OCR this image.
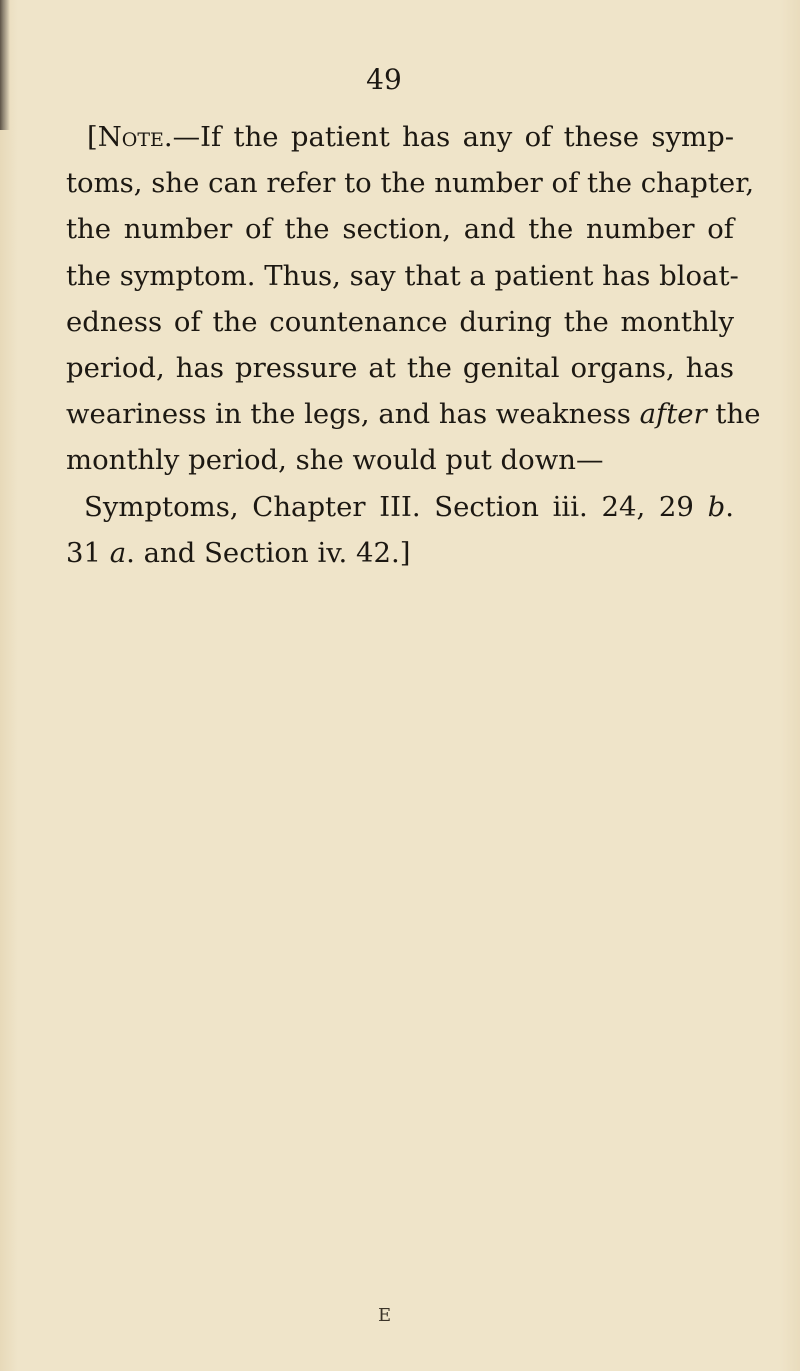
49
[Note.—If the patient has any of these symp-
toms, she can refer to the number of the chapter,
the number of the section, and the number of
the symptom. Thus, say that a patient has bloat-
edness of the countenance during the monthly
period, has pressure at the genital organs, has
weariness in the legs, and has weakness after the
monthly period, she would put down—
Symptoms, Chapter III. Section iii. 24, 29 b.
31 a. and Section iv. 42.]
E
